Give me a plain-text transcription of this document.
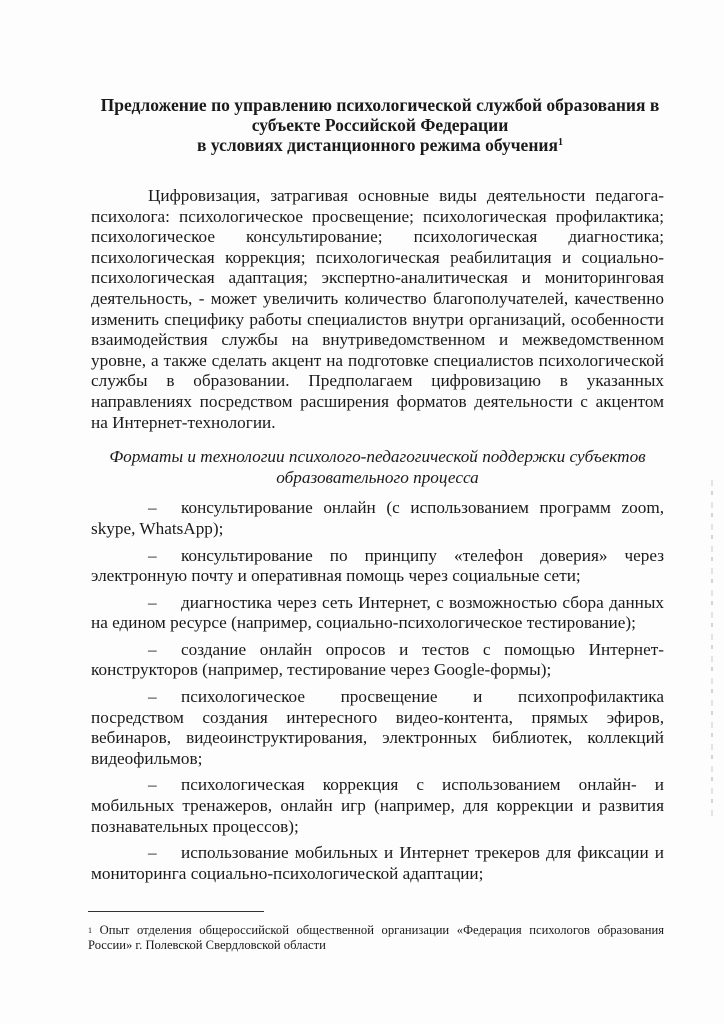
Предложение по управлению психологической службой образования в
субъекте Российской Федерации
в условиях дистанционного режима обучения$^1$

Цифровизация, затрагивая основные виды деятельности педагога-психолога: психологическое просвещение; психологическая профилактика; психологическое консультирование; психологическая диагностика; психологическая коррекция; психологическая реабилитация и социально-психологическая адаптация; экспертно-аналитическая и мониторинговая деятельность, - может увеличить количество благополучателей, качественно изменить специфику работы специалистов внутри организаций, особенности взаимодействия службы на внутриведомственном и межведомственном уровне, а также сделать акцент на подготовке специалистов психологической службы в образовании. Предполагаем цифровизацию в указанных направлениях посредством расширения форматов деятельности с акцентом на Интернет-технологии.

Форматы и технологии психолого-педагогической поддержки субъектов
образовательного процесса

– консультирование онлайн (с использованием программ zoom, skype, WhatsApp);

– консультирование по принципу «телефон доверия» через электронную почту и оперативная помощь через социальные сети;

– диагностика через сеть Интернет, с возможностью сбора данных на едином ресурсе (например, социально-психологическое тестирование);

– создание онлайн опросов и тестов с помощью Интернет-конструкторов (например, тестирование через Google-формы);

– психологическое просвещение и психопрофилактика посредством создания интересного видео-контента, прямых эфиров, вебинаров, видеоинструктирования, электронных библиотек, коллекций видеофильмов;

– психологическая коррекция с использованием онлайн- и мобильных тренажеров, онлайн игр (например, для коррекции и развития познавательных процессов);

– использование мобильных и Интернет трекеров для фиксации и мониторинга социально-психологической адаптации;

$^1$ Опыт отделения общероссийской общественной организации «Федерация психологов образования России» г. Полевской Свердловской области
